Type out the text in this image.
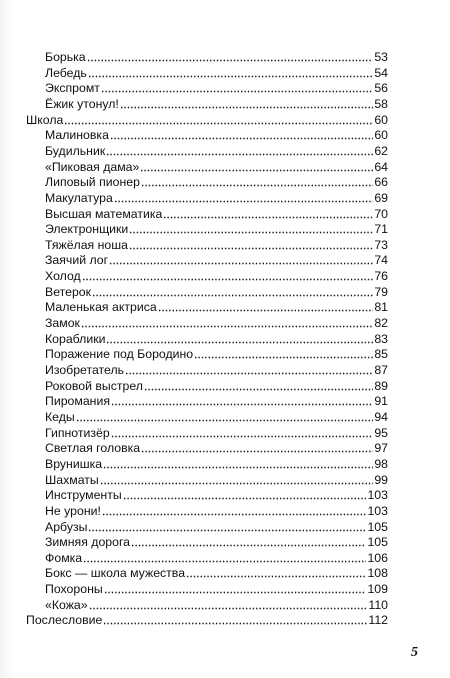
Борька	53
Лебедь	54
Экспромт	56
Ёжик утонул!	58
Школа	60
Малиновка	60
Будильник	62
«Пиковая дама»	64
Липовый пионер	66
Макулатура	69
Высшая математика	70
Электронщики	71
Тяжёлая ноша	73
Заячий лог	74
Холод	76
Ветерок	79
Маленькая актриса	81
Замок	82
Кораблики	83
Поражение под Бородино	85
Изобретатель	87
Роковой выстрел	89
Пиромания	91
Кеды	94
Гипнотизёр	95
Светлая головка	97
Врунишка	98
Шахматы	99
Инструменты	103
Не урони!	103
Арбузы	105
Зимняя дорога	105
Фомка	106
Бокс — школа мужества	108
Похороны	109
«Кожа»	110
Послесловие	112
5
